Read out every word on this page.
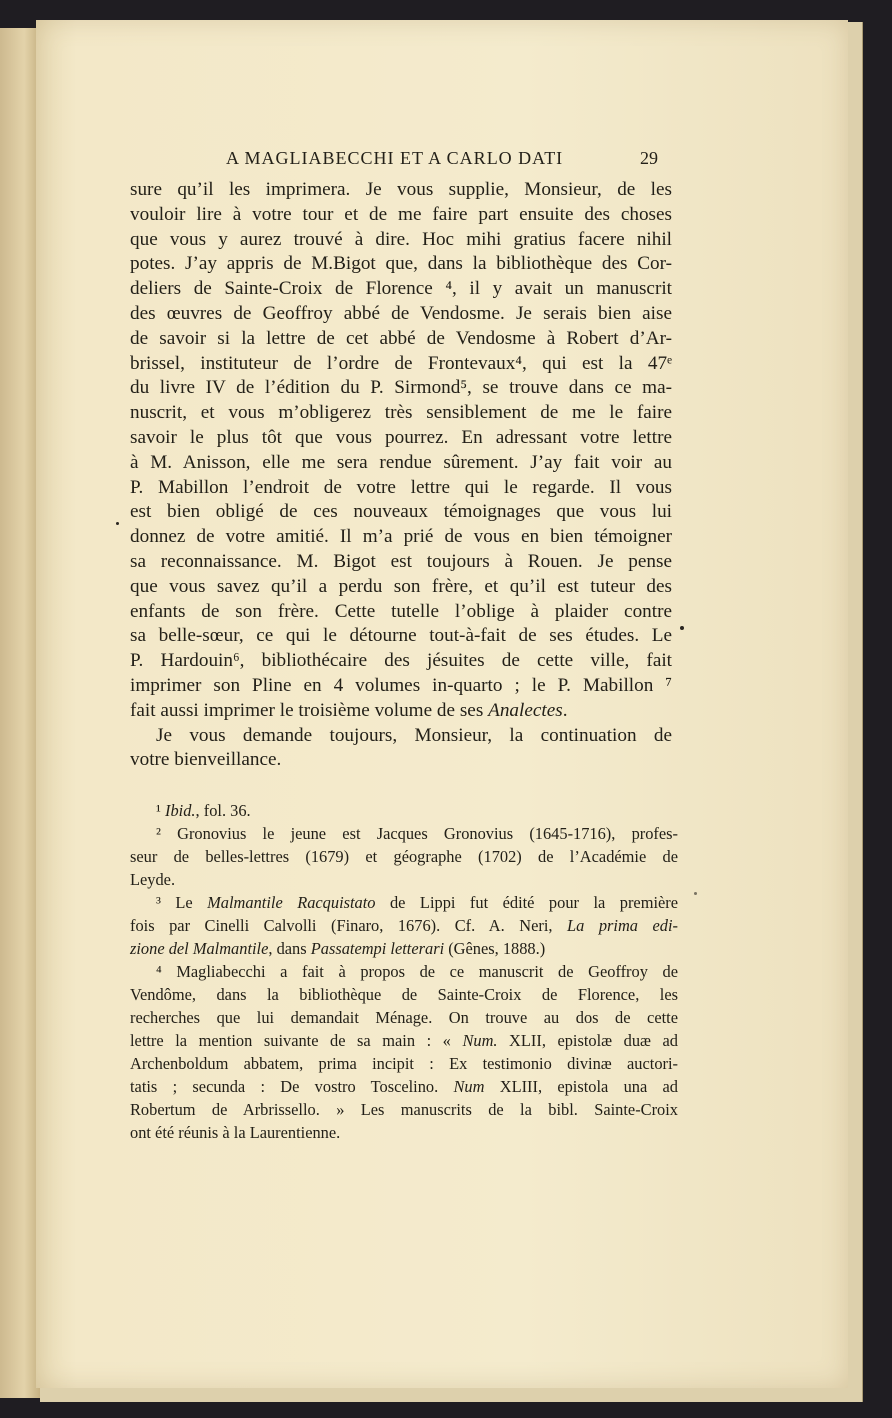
A MAGLIABECCHI ET A CARLO DATI	29
sure qu’il les imprimera. Je vous supplie, Monsieur, de les
vouloir lire à votre tour et de me faire part ensuite des choses
que vous y aurez trouvé à dire. Hoc mihi gratius facere nihil
potes. J’ay appris de M.Bigot que, dans la bibliothèque des Cor-
deliers de Sainte-Croix de Florence ⁴, il y avait un manuscrit
des œuvres de Geoffroy abbé de Vendosme. Je serais bien aise
de savoir si la lettre de cet abbé de Vendosme à Robert d’Ar-
brissel, instituteur de l’ordre de Frontevaux⁴, qui est la 47ᵉ
du livre IV de l’édition du P. Sirmond⁵, se trouve dans ce ma-
nuscrit, et vous m’obligerez très sensiblement de me le faire
savoir le plus tôt que vous pourrez. En adressant votre lettre
à M. Anisson, elle me sera rendue sûrement. J’ay fait voir au
P. Mabillon l’endroit de votre lettre qui le regarde. Il vous
est bien obligé de ces nouveaux témoignages que vous lui
donnez de votre amitié. Il m’a prié de vous en bien témoigner
sa reconnaissance. M. Bigot est toujours à Rouen. Je pense
que vous savez qu’il a perdu son frère, et qu’il est tuteur des
enfants de son frère. Cette tutelle l’oblige à plaider contre
sa belle-sœur, ce qui le détourne tout-à-fait de ses études. Le
P. Hardouin⁶, bibliothécaire des jésuites de cette ville, fait
imprimer son Pline en 4 volumes in-quarto ; le P. Mabillon ⁷
fait aussi imprimer le troisième volume de ses Analectes.
Je vous demande toujours, Monsieur, la continuation de
votre bienveillance.
¹ Ibid., fol. 36.
² Gronovius le jeune est Jacques Gronovius (1645-1716), profes-
seur de belles-lettres (1679) et géographe (1702) de l’Académie de
Leyde.
³ Le Malmantile Racquistato de Lippi fut édité pour la première
fois par Cinelli Calvolli (Finaro, 1676). Cf. A. Neri, La prima edi-
zione del Malmantile, dans Passatempi letterari (Gênes, 1888.)
⁴ Magliabecchi a fait à propos de ce manuscrit de Geoffroy de
Vendôme, dans la bibliothèque de Sainte-Croix de Florence, les
recherches que lui demandait Ménage. On trouve au dos de cette
lettre la mention suivante de sa main : « Num. XLII, epistolæ duæ ad
Archenboldum abbatem, prima incipit : Ex testimonio divinæ auctori-
tatis ; secunda : De vostro Toscelino. Num XLIII, epistola una ad
Robertum de Arbrissello. » Les manuscrits de la bibl. Sainte-Croix
ont été réunis à la Laurentienne.
